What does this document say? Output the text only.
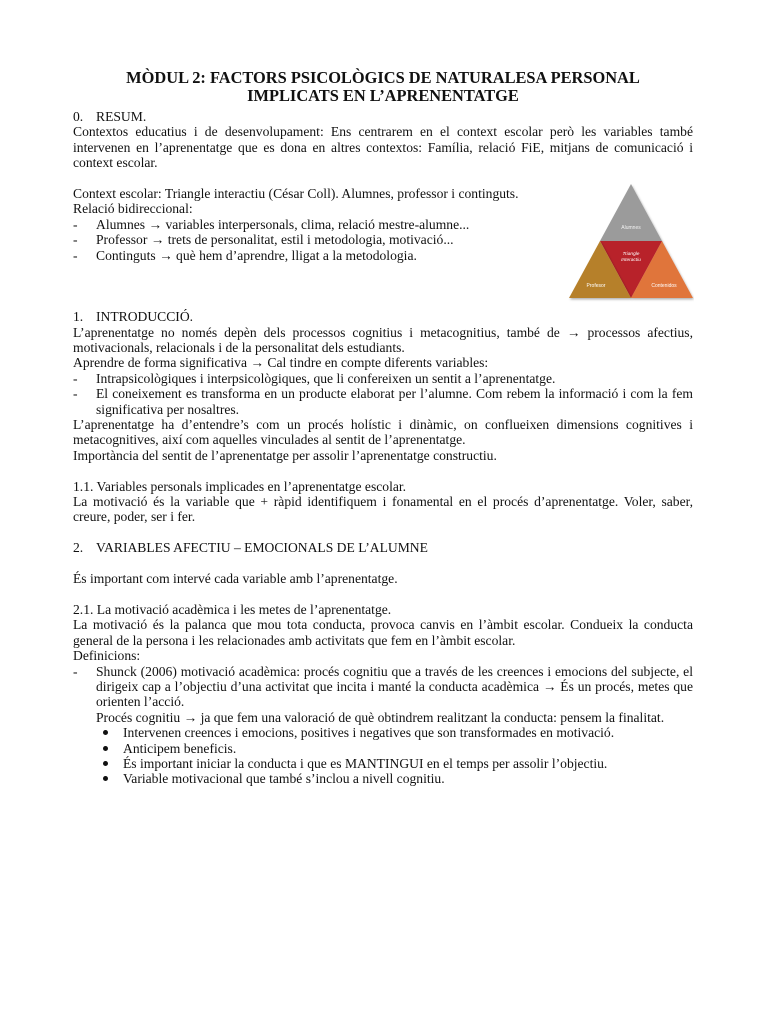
MÒDUL 2: FACTORS PSICOLÒGICS DE NATURALESA PERSONAL
IMPLICATS EN L’APRENENTATGE
0. RESUM.

Contextos educatius i de desenvolupament: Ens centrarem en el context escolar però les variables també intervenen en l’aprenentatge que es dona en altres contextos: Família, relació FiE, mitjans de comunicació i context escolar.

Context escolar: Triangle interactiu (César Coll). Alumnes, professor i continguts.

Relació bidireccional:

- Alumnes → variables interpersonals, clima, relació mestre-alumne...

- Professor → trets de personalitat, estil i metodologia, motivació...

- Continguts → què hem d’aprendre, lligat a la metodologia.

1. INTRODUCCIÓ.

L’aprenentatge no només depèn dels processos cognitius i metacognitius, també de → processos afectius, motivacionals, relacionals i de la personalitat dels estudiants.

Aprendre de forma significativa → Cal tindre en compte diferents variables:

- Intrapsicològiques i interpsicològiques, que li confereixen un sentit a l’aprenentatge.

- El coneixement es transforma en un producte elaborat per l’alumne. Com rebem la informació i com la fem significativa per nosaltres.

L’aprenentatge ha d’entendre’s com un procés holístic i dinàmic, on conflueixen dimensions cognitives i metacognitives, així com aquelles vinculades al sentit de l’aprenentatge.

Importància del sentit de l’aprenentatge per assolir l’aprenentatge constructiu.

1.1. Variables personals implicades en l’aprenentatge escolar.

La motivació és la variable que + ràpid identifiquem i fonamental en el procés d’aprenentatge. Voler, saber, creure, poder, ser i fer.

2. VARIABLES AFECTIU – EMOCIONALS DE L’ALUMNE

És important com intervé cada variable amb l’aprenentatge.

2.1. La motivació acadèmica i les metes de l’aprenentatge.

La motivació és la palanca que mou tota conducta, provoca canvis en l’àmbit escolar. Condueix la conducta general de la persona i les relacionades amb activitats que fem en l’àmbit escolar.

Definicions:

- Shunck (2006) motivació acadèmica: procés cognitiu que a través de les creences i emocions del subjecte, el dirigeix cap a l’objectiu d’una activitat que incita i manté la conducta acadèmica → És un procés, metes que orienten l’acció.

Procés cognitiu → ja que fem una valoració de què obtindrem realitzant la conducta: pensem la finalitat.

Intervenen creences i emocions, positives i negatives que son transformades en motivació.

Anticipem beneficis.

És important iniciar la conducta i que es MANTINGUI en el temps per assolir l’objectiu.

Variable motivacional que també s’inclou a nivell cognitiu.

Alumnes
Triangle
Interactiu
Profesor	Contenidos
